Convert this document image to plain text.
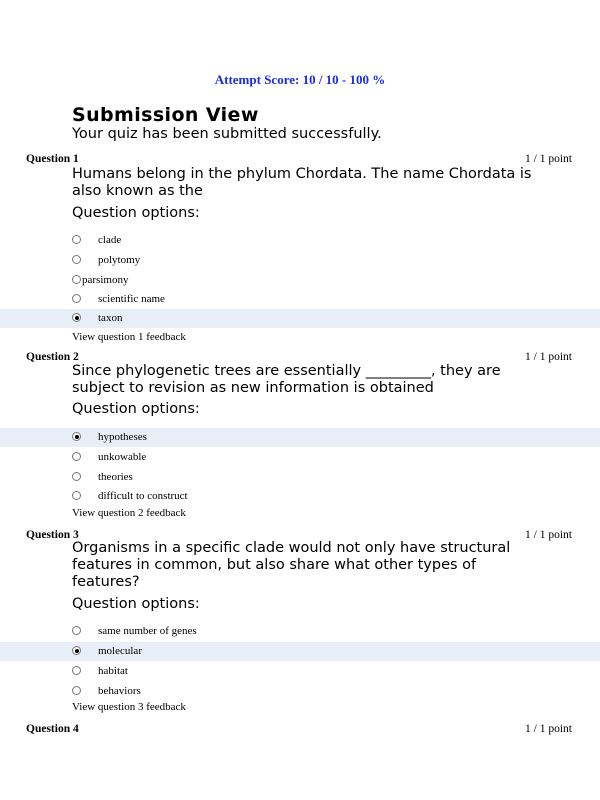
Attempt Score: 10 / 10 - 100 %
Submission View
Your quiz has been submitted successfully.
Question 1	1 / 1 point
Humans belong in the phylum Chordata. The name Chordata is also known as the
Question options:
clade
polytomy
parsimony
scientific name
taxon
View question 1 feedback
Question 2	1 / 1 point
Since phylogenetic trees are essentially _________, they are subject to revision as new information is obtained
Question options:
hypotheses
unkowable
theories
difficult to construct
View question 2 feedback
Question 3	1 / 1 point
Organisms in a specific clade would not only have structural features in common, but also share what other types of features?
Question options:
same number of genes
molecular
habitat
behaviors
View question 3 feedback
Question 4	1 / 1 point
